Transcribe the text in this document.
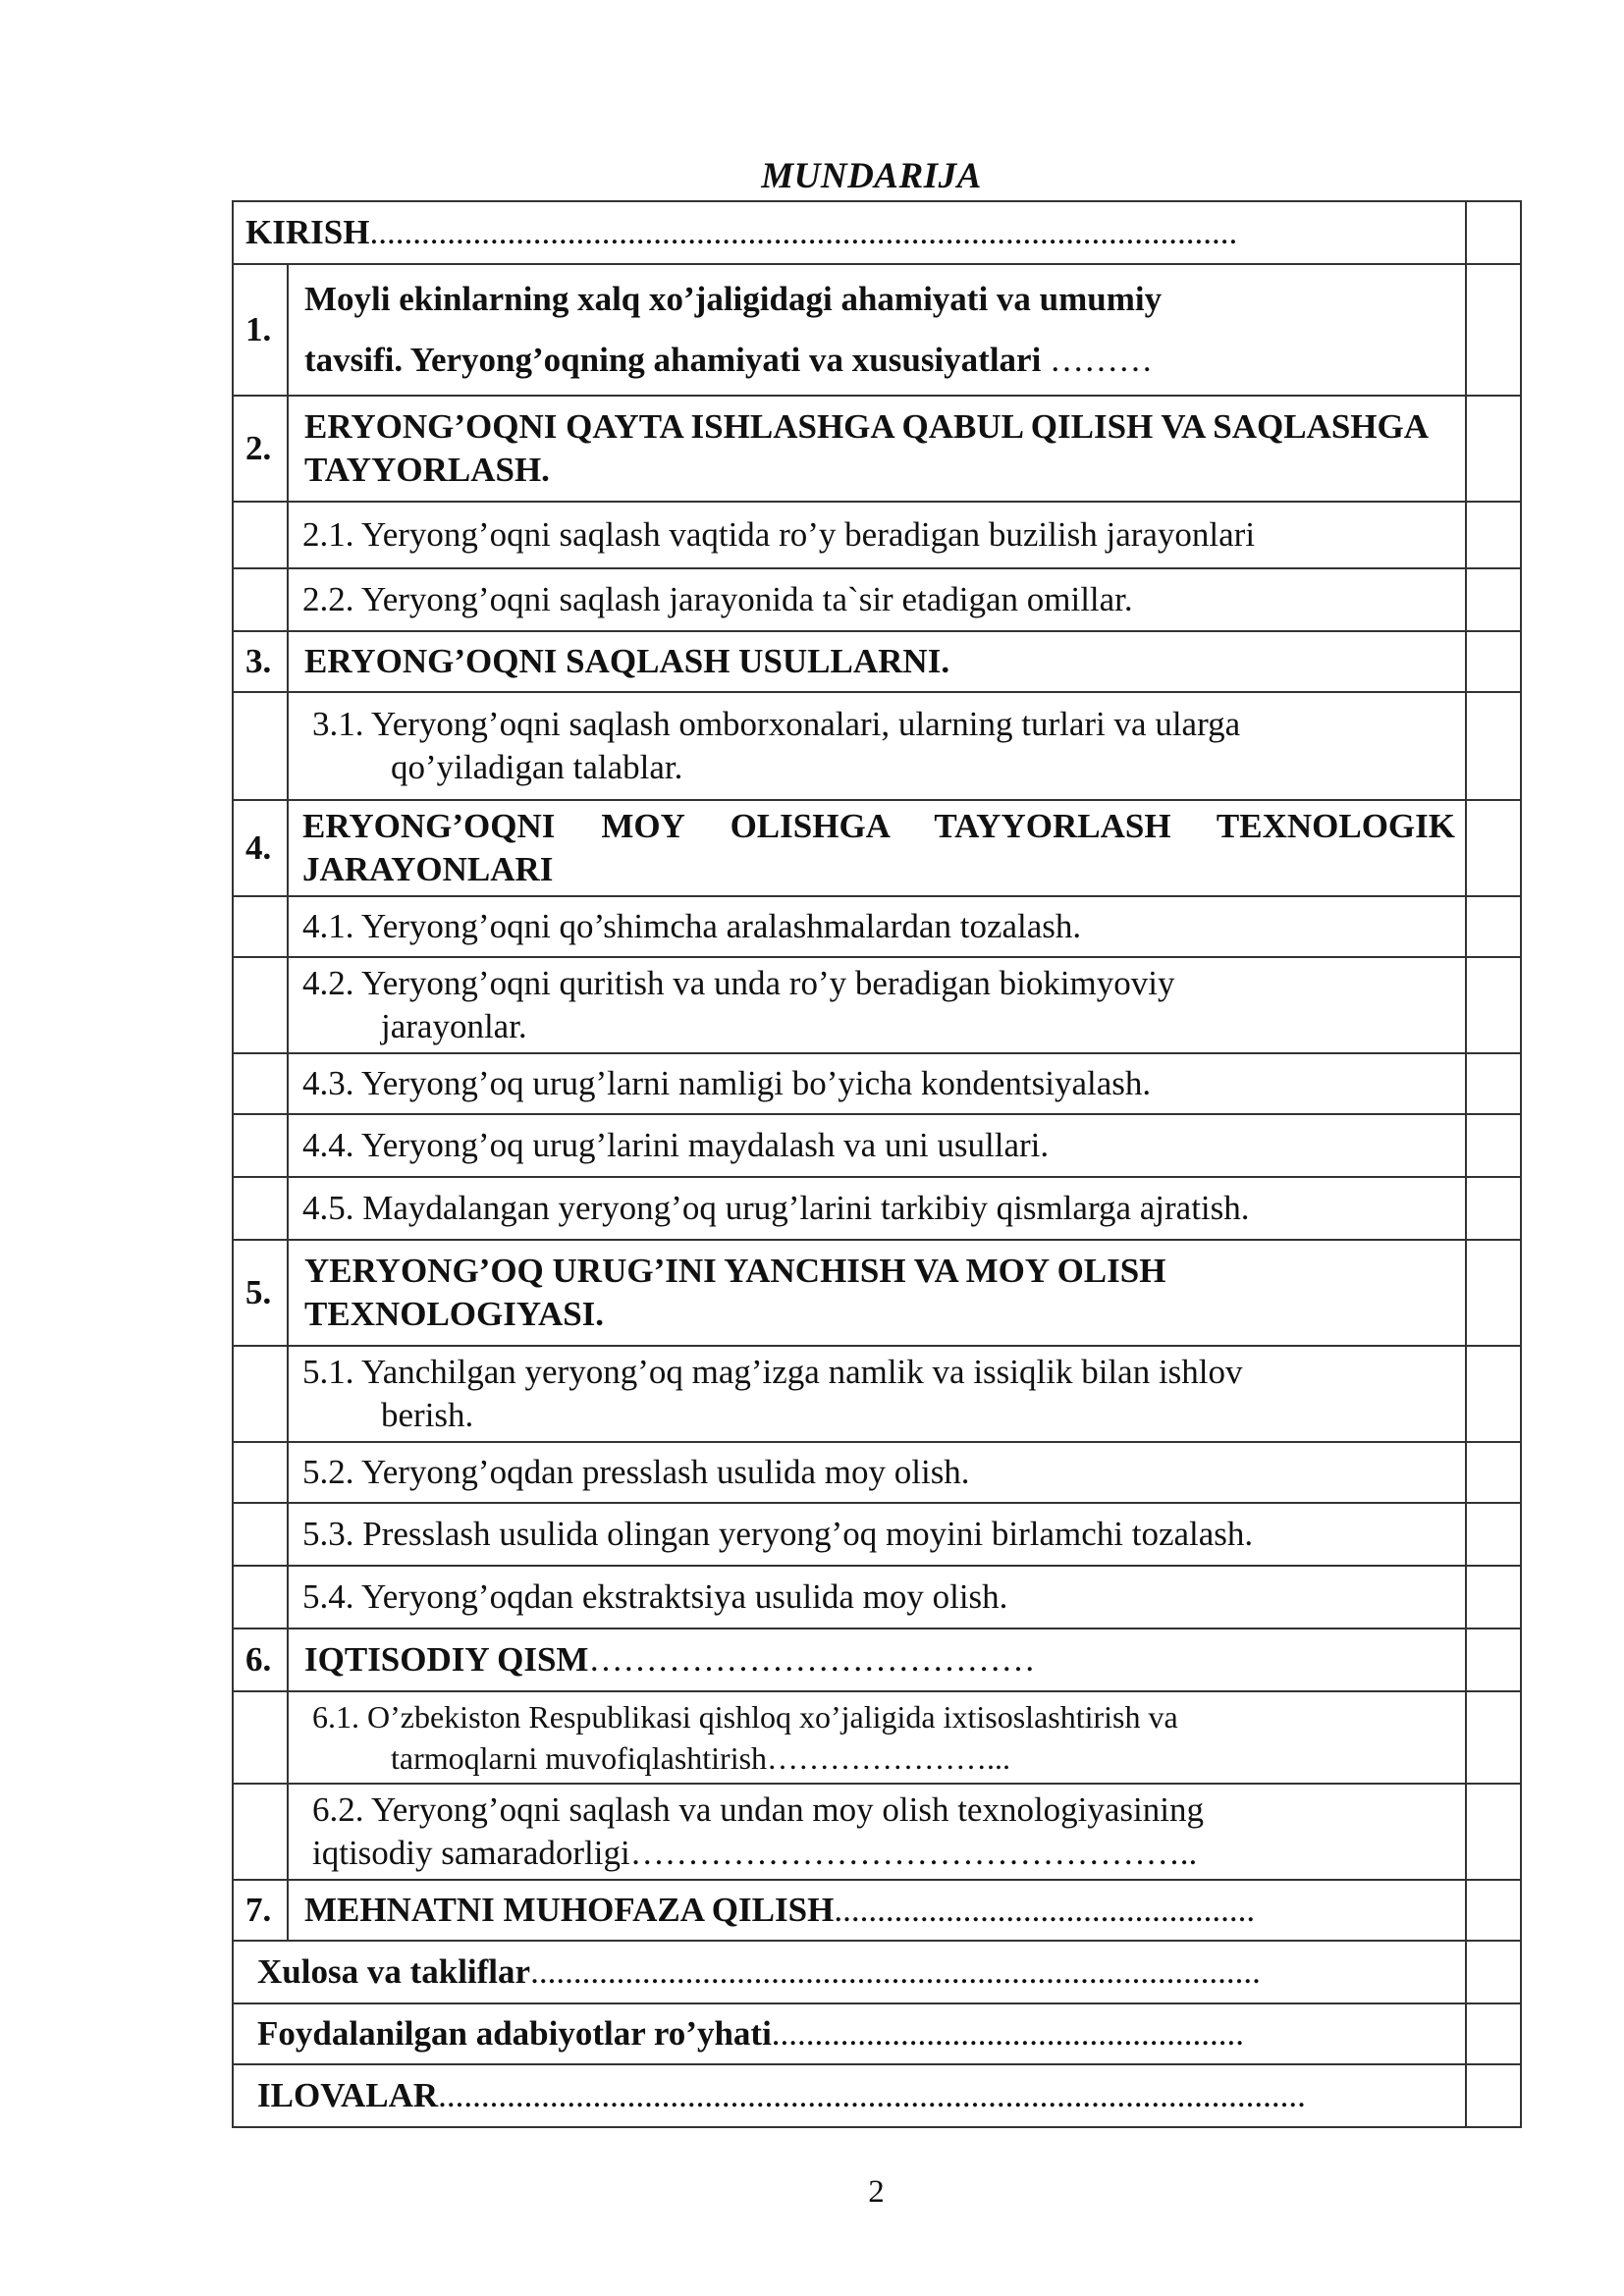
MUNDARIJA
KIRISH.....................................................................................................		
1.	Moyli ekinlarning xalq xo’jaligidagi ahamiyati va umumiy
tavsifi. Yeryong’oqning ahamiyati va xususiyatlari ………	
2.	ERYONG’OQNI QAYTA ISHLASHGA QABUL QILISH VA SAQLASHGA TAYYORLASH.	
	2.1. Yeryong’oqni saqlash vaqtida ro’y beradigan buzilish jarayonlari	
	2.2. Yeryong’oqni saqlash jarayonida ta`sir etadigan omillar.	
3.	ERYONG’OQNI SAQLASH USULLARNI.	
	3.1. Yeryong’oqni saqlash omborxonalari, ularning turlari va ularga
qo’yiladigan talablar.	

4.	ERYONG’OQNI MOY OLISHGA TAYYORLASH TEXNOLOGIK JARAYONLARI	
	4.1. Yeryong’oqni qo’shimcha aralashmalardan tozalash.	
	4.2. Yeryong’oqni quritish va unda ro’y beradigan biokimyoviy
jarayonlar.	

	4.3. Yeryong’oq urug’larni namligi bo’yicha kondentsiyalash.	
	4.4. Yeryong’oq urug’larini maydalash va uni usullari.	
	4.5. Maydalangan yeryong’oq urug’larini tarkibiy qismlarga ajratish.	
5.	YERYONG’OQ URUG’INI YANCHISH VA MOY OLISH TEXNOLOGIYASI.	
	5.1. Yanchilgan yeryong’oq mag’izga namlik va issiqlik bilan ishlov
berish.	

	5.2. Yeryong’oqdan presslash usulida moy olish.	
	5.3. Presslash usulida olingan yeryong’oq moyini birlamchi tozalash.	
	5.4. Yeryong’oqdan ekstraktsiya usulida moy olish.	
6.	IQTISODIY QISM…………………………………	
	6.1. O’zbekiston Respublikasi qishloq xo’jaligida ixtisoslashtirish va
tarmoqlarni muvofiqlashtirish…………………...	

	6.2. Yeryong’oqni saqlash va undan moy olish texnologiyasining
iqtisodiy samaradorligi…………………………………………..	
7.	MEHNATNI MUHOFAZA QILISH.................................................	
Xulosa va takliflar.....................................................................................		
Foydalanilgan adabiyotlar ro’yhati.......................................................		
ILOVALAR.....................................................................................................		
2
